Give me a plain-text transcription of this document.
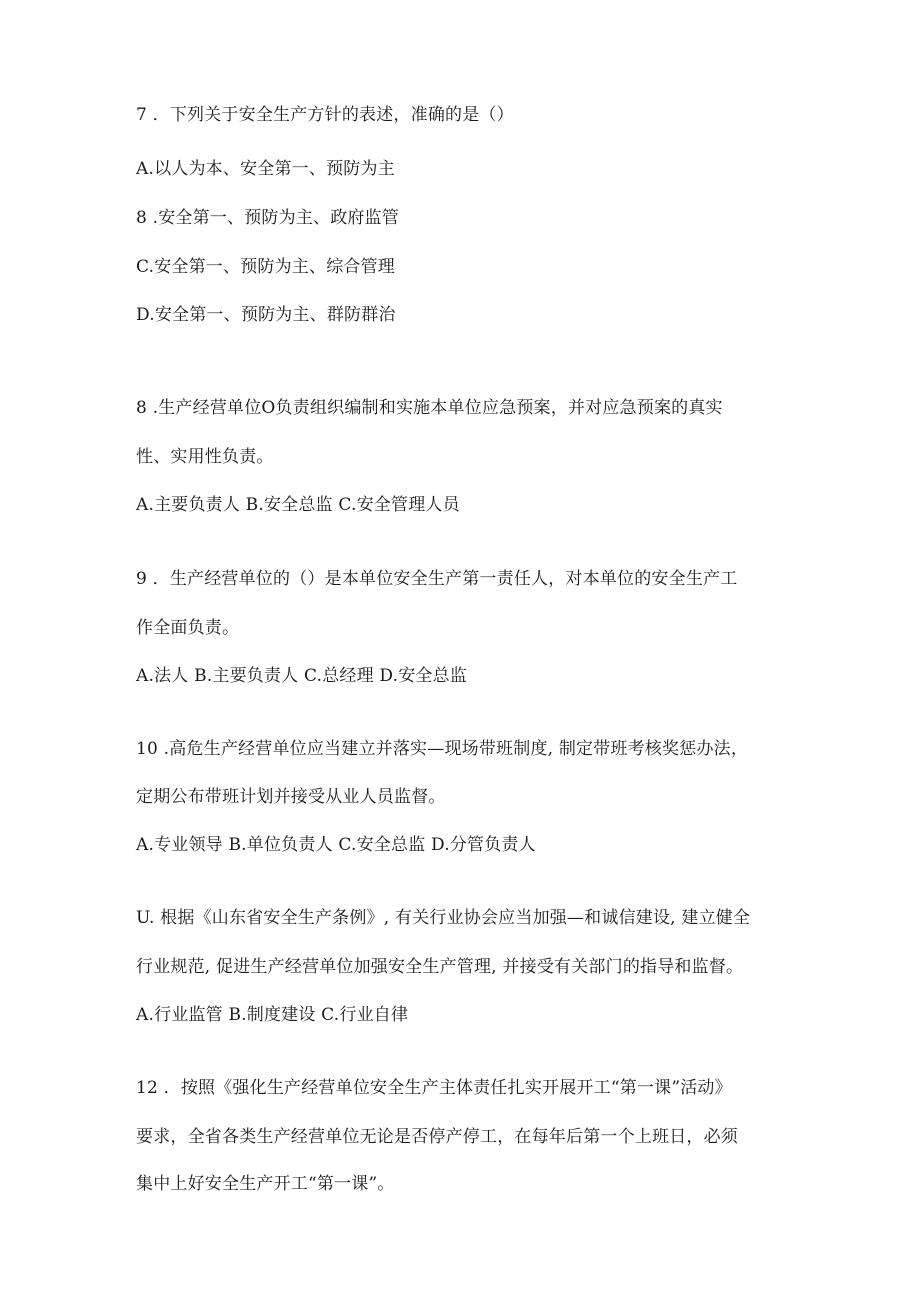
7 ．下列关于安全生产方针的表述，准确的是（）
A.以人为本、安全第一、预防为主
8 .安全第一、预防为主、政府监管
C.安全第一、预防为主、综合管理
D.安全第一、预防为主、群防群治
8 .生产经营单位O负责组织编制和实施本单位应急预案，并对应急预案的真实
性、实用性负责。
A.主要负责人 B.安全总监 C.安全管理人员
9 ．生产经营单位的（）是本单位安全生产第一责任人，对本单位的安全生产工
作全面负责。
A.法人 B.主要负责人 C.总经理 D.安全总监
10 .高危生产经营单位应当建立并落实—现场带班制度, 制定带班考核奖惩办法，
定期公布带班计划并接受从业人员监督。
A.专业领导 B.单位负责人 C.安全总监 D.分管负责人
U. 根据《山东省安全生产条例》, 有关行业协会应当加强—和诚信建设, 建立健全
行业规范, 促进生产经营单位加强安全生产管理, 并接受有关部门的指导和监督。
A.行业监管 B.制度建设 C.行业自律
12 ．按照《强化生产经营单位安全生产主体责任扎实开展开工“第一课”活动》
要求，全省各类生产经营单位无论是否停产停工，在每年后第一个上班日，必须
集中上好安全生产开工“第一课”。
